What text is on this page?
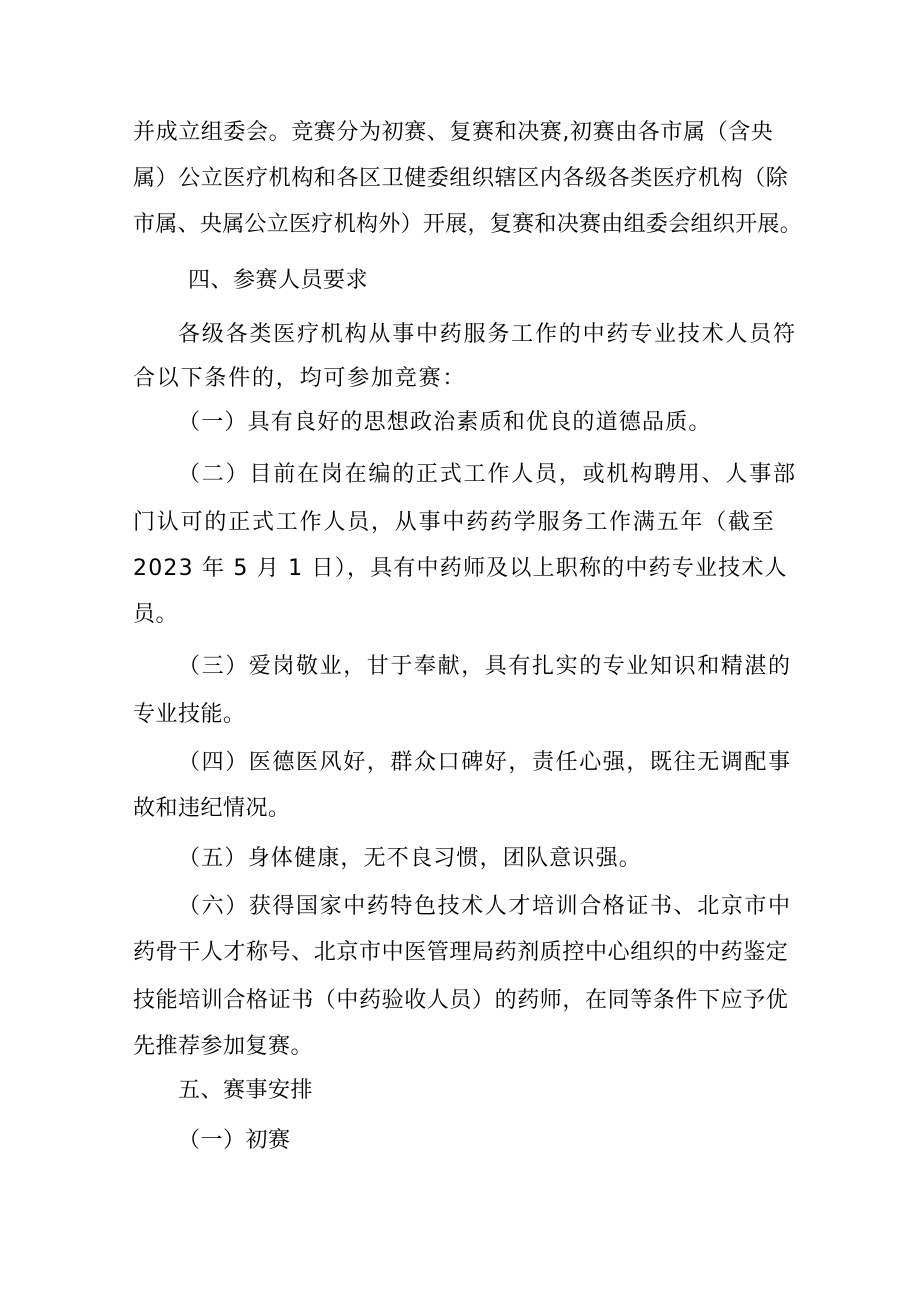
并成立组委会。竞赛分为初赛、复赛和决赛,初赛由各市属（含央
属）公立医疗机构和各区卫健委组织辖区内各级各类医疗机构（除
市属、央属公立医疗机构外）开展，复赛和决赛由组委会组织开展。
四、参赛人员要求
各级各类医疗机构从事中药服务工作的中药专业技术人员符
合以下条件的，均可参加竞赛：
（一）具有良好的思想政治素质和优良的道德品质。
（二）目前在岗在编的正式工作人员，或机构聘用、人事部
门认可的正式工作人员，从事中药药学服务工作满五年（截至
2023 年 5 月 1 日），具有中药师及以上职称的中药专业技术人
员。
（三）爱岗敬业，甘于奉献，具有扎实的专业知识和精湛的
专业技能。
（四）医德医风好，群众口碑好，责任心强，既往无调配事
故和违纪情况。
（五）身体健康，无不良习惯，团队意识强。
（六）获得国家中药特色技术人才培训合格证书、北京市中
药骨干人才称号、北京市中医管理局药剂质控中心组织的中药鉴定
技能培训合格证书（中药验收人员）的药师，在同等条件下应予优
先推荐参加复赛。
五、赛事安排
（一）初赛
